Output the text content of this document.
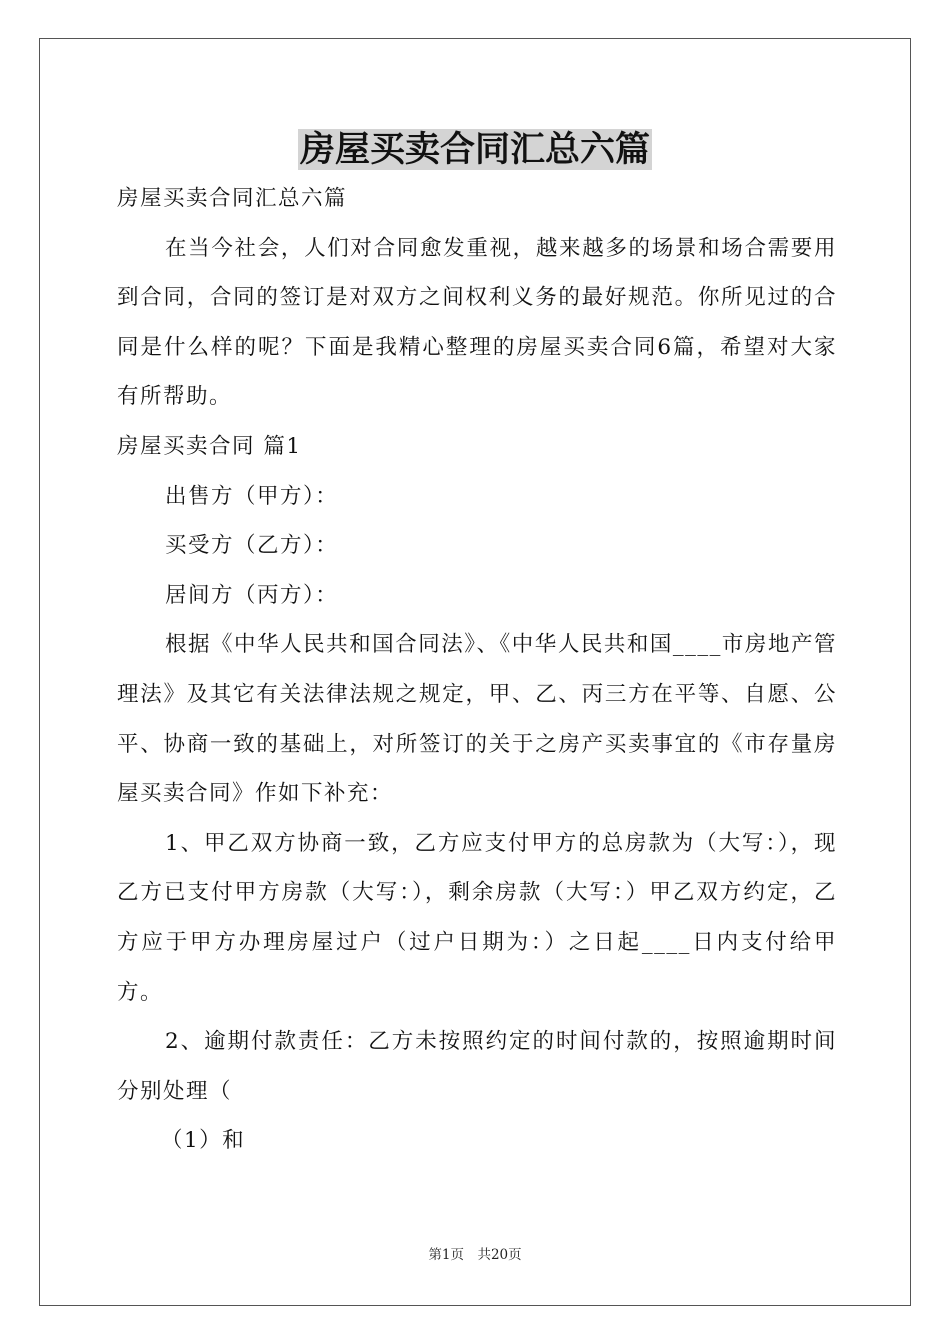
房屋买卖合同汇总六篇

房屋买卖合同汇总六篇

在当今社会，人们对合同愈发重视，越来越多的场景和场合需要用到合同，合同的签订是对双方之间权利义务的最好规范。你所见过的合同是什么样的呢？下面是我精心整理的房屋买卖合同6篇，希望对大家有所帮助。

房屋买卖合同 篇1

出售方（甲方）：

买受方（乙方）：

居间方（丙方）：

根据《中华人民共和国合同法》、《中华人民共和国____市房地产管理法》及其它有关法律法规之规定，甲、乙、丙三方在平等、自愿、公平、协商一致的基础上，对所签订的关于之房产买卖事宜的《市存量房屋买卖合同》作如下补充：

1、甲乙双方协商一致，乙方应支付甲方的总房款为（大写：），现乙方已支付甲方房款（大写：），剩余房款（大写：）甲乙双方约定，乙方应于甲方办理房屋过户（过户日期为：）之日起____日内支付给甲方。

2、逾期付款责任：乙方未按照约定的时间付款的，按照逾期时间分别处理（

（1）和

第1页　共20页
